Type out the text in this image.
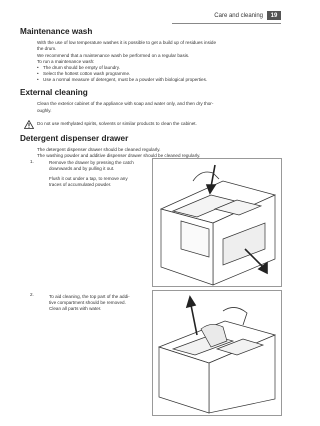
Care and cleaning	19
Maintenance wash

With the use of low temperature washes it is possible to get a build up of residues inside

the drum.

We recommend that a maintenance wash be performed on a regular basis.

To run a maintenance wash:

• The drum should be empty of laundry.
• Select the hottest cotton wash programme.
• Use a normal measure of detergent, must be a powder with biological properties.
External cleaning

Clean the exterior cabinet of the appliance with soap and water only, and then dry thor-

oughly.

Do not use methylated spirits, solvents or similar products to clean the cabinet.

Detergent dispenser drawer

The detergent dispenser drawer should be cleaned regularly.

The washing powder and additive dispenser drawer should be cleaned regularly.

1.	Remove the drawer by pressing the catch

downwards and by pulling it out.

Flush it out under a tap, to remove any

traces of accumulated powder.

2.	To aid cleaning, the top part of the addi-

tive compartment should be removed.

Clean all parts with water.
